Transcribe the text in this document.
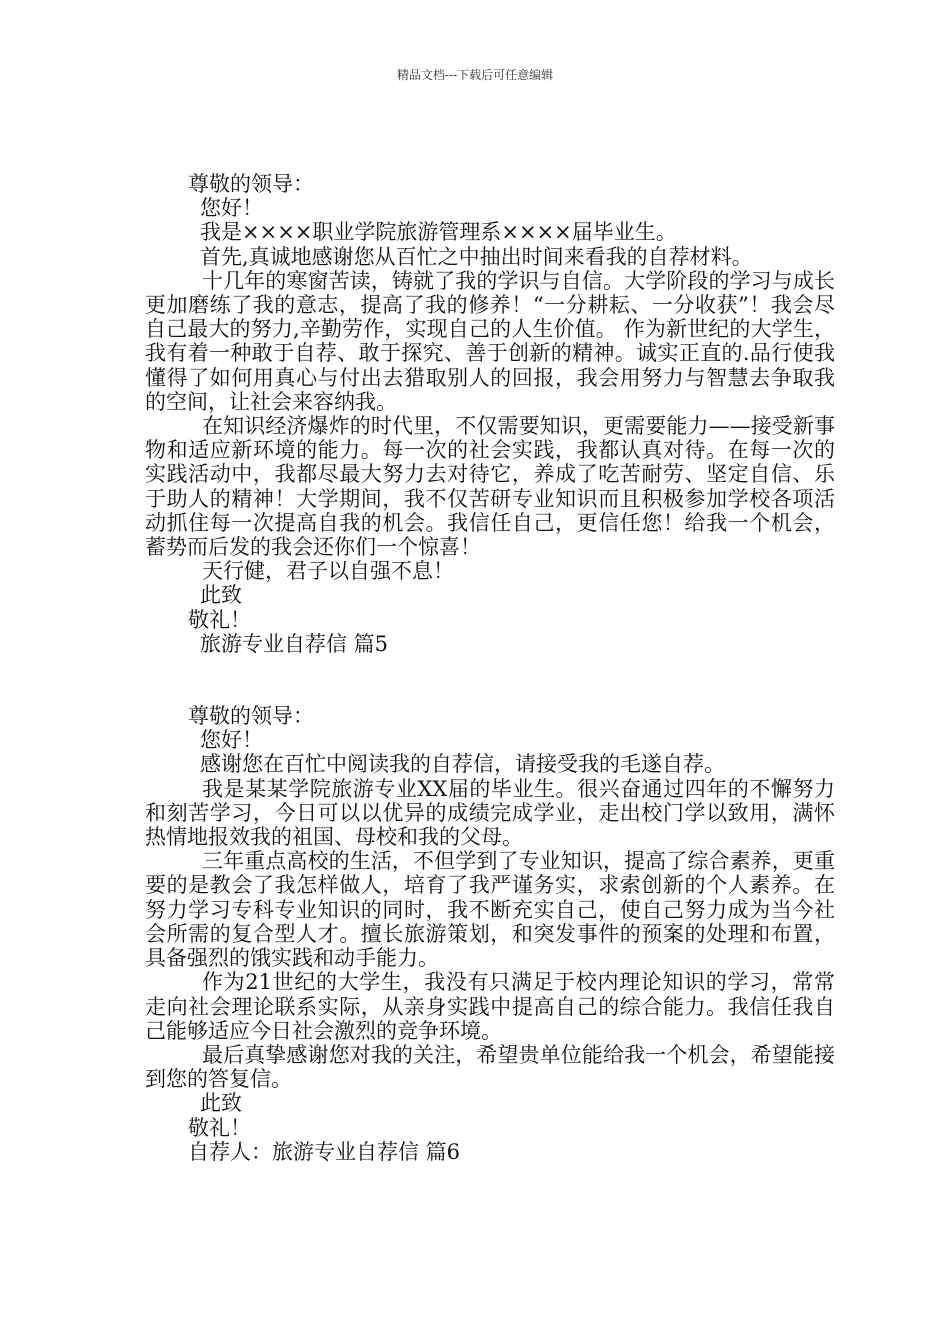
精品文档---下载后可任意编辑
尊敬的领导：
您好！
我是××××职业学院旅游管理系××××届毕业生。
首先,真诚地感谢您从百忙之中抽出时间来看我的自荐材料。
十几年的寒窗苦读，铸就了我的学识与自信。大学阶段的学习与成长更加磨练了我的意志，提高了我的修养！“一分耕耘、一分收获”！我会尽自己最大的努力,辛勤劳作，实现自己的人生价值。 作为新世纪的大学生，我有着一种敢于自荐、敢于探究、善于创新的精神。诚实正直的.品行使我懂得了如何用真心与付出去猎取别人的回报，我会用努力与智慧去争取我的空间，让社会来容纳我。
在知识经济爆炸的时代里，不仅需要知识，更需要能力——接受新事物和适应新环境的能力。每一次的社会实践，我都认真对待。在每一次的实践活动中，我都尽最大努力去对待它，养成了吃苦耐劳、坚定自信、乐于助人的精神！大学期间，我不仅苦研专业知识而且积极参加学校各项活动抓住每一次提高自我的机会。我信任自己，更信任您！给我一个机会，蓄势而后发的我会还你们一个惊喜！
天行健，君子以自强不息！
此致
敬礼！
旅游专业自荐信 篇5
尊敬的领导：
您好！
感谢您在百忙中阅读我的自荐信，请接受我的毛遂自荐。
我是某某学院旅游专业XX届的毕业生。很兴奋通过四年的不懈努力和刻苦学习，今日可以以优异的成绩完成学业，走出校门学以致用，满怀热情地报效我的祖国、母校和我的父母。
三年重点高校的生活，不但学到了专业知识，提高了综合素养，更重要的是教会了我怎样做人，培育了我严谨务实，求索创新的个人素养。在努力学习专科专业知识的同时，我不断充实自己，使自己努力成为当今社会所需的复合型人才。擅长旅游策划，和突发事件的预案的处理和布置，具备强烈的饿实践和动手能力。
作为21世纪的大学生，我没有只满足于校内理论知识的学习，常常走向社会理论联系实际，从亲身实践中提高自己的综合能力。我信任我自己能够适应今日社会激烈的竞争环境。
最后真挚感谢您对我的关注，希望贵单位能给我一个机会，希望能接到您的答复信。
此致
敬礼！
自荐人：旅游专业自荐信 篇6
